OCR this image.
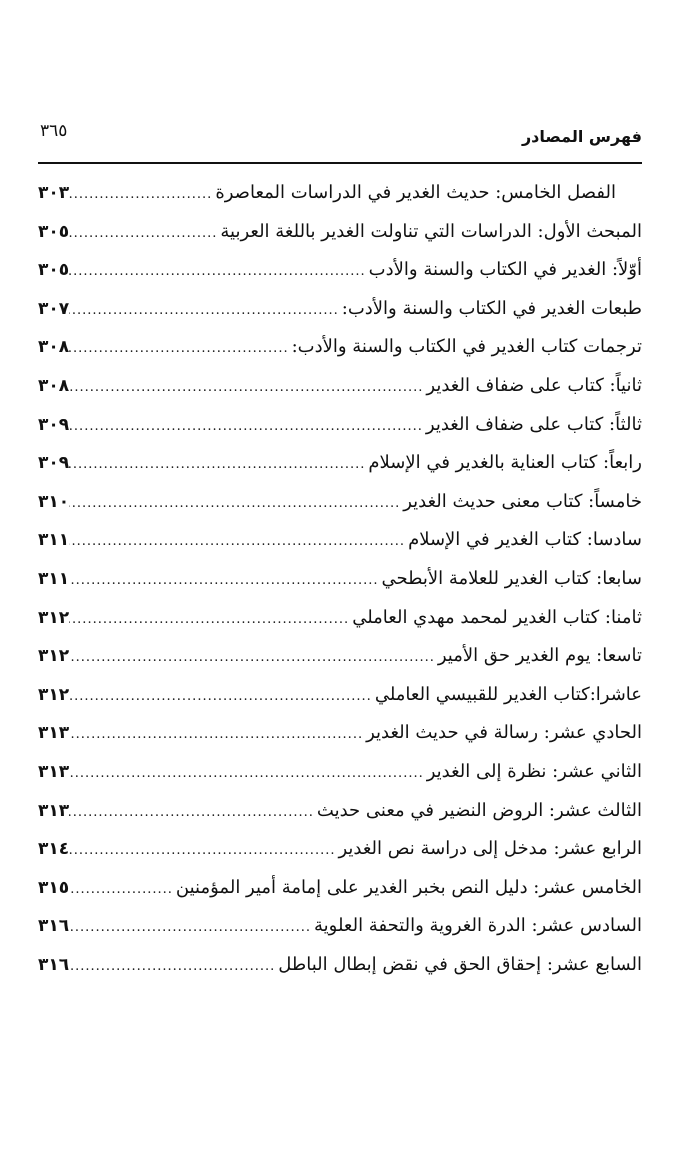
فهرس المصادر
٣٦٥
الفصل الخامس: حديث الغدير في الدراسات المعاصرة
.....
٣٠٣
المبحث الأول: الدراسات التي تناولت الغدير باللغة العربية
.....
٣٠٥
أوّلاً: الغدير في الكتاب والسنة والأدب
.....
٣٠٥
طبعات الغدير في الكتاب والسنة والأدب:
.....
٣٠٧
ترجمات كتاب الغدير في الكتاب والسنة والأدب:
.....
٣٠٨
ثانياً: كتاب على ضفاف الغدير
.....
٣٠٨
ثالثاً: كتاب على ضفاف الغدير
.....
٣٠٩
رابعاً: كتاب العناية بالغدير في الإسلام
.....
٣٠٩
خامساً: كتاب معنى حديث الغدير
.....
٣١٠
سادسا: كتاب الغدير في الإسلام
.....
٣١١
سابعا: كتاب الغدير للعلامة الأبطحي
.....
٣١١
ثامنا: كتاب الغدير لمحمد مهدي العاملي
.....
٣١٢
تاسعا: يوم الغدير حق الأمير
.....
٣١٢
عاشرا:كتاب الغدير للقبيسي العاملي
.....
٣١٢
الحادي عشر: رسالة في حديث الغدير
.....
٣١٣
الثاني عشر: نظرة إلى الغدير
.....
٣١٣
الثالث عشر: الروض النضير في معنى حديث
.....
٣١٣
الرابع عشر: مدخل إلى دراسة نص الغدير
.....
٣١٤
الخامس عشر: دليل النص بخبر الغدير على إمامة أمير المؤمنين
.....
٣١٥
السادس عشر: الدرة الغروية والتحفة العلوية
.....
٣١٦
السابع عشر: إحقاق الحق في نقض إبطال الباطل
.....
٣١٦
